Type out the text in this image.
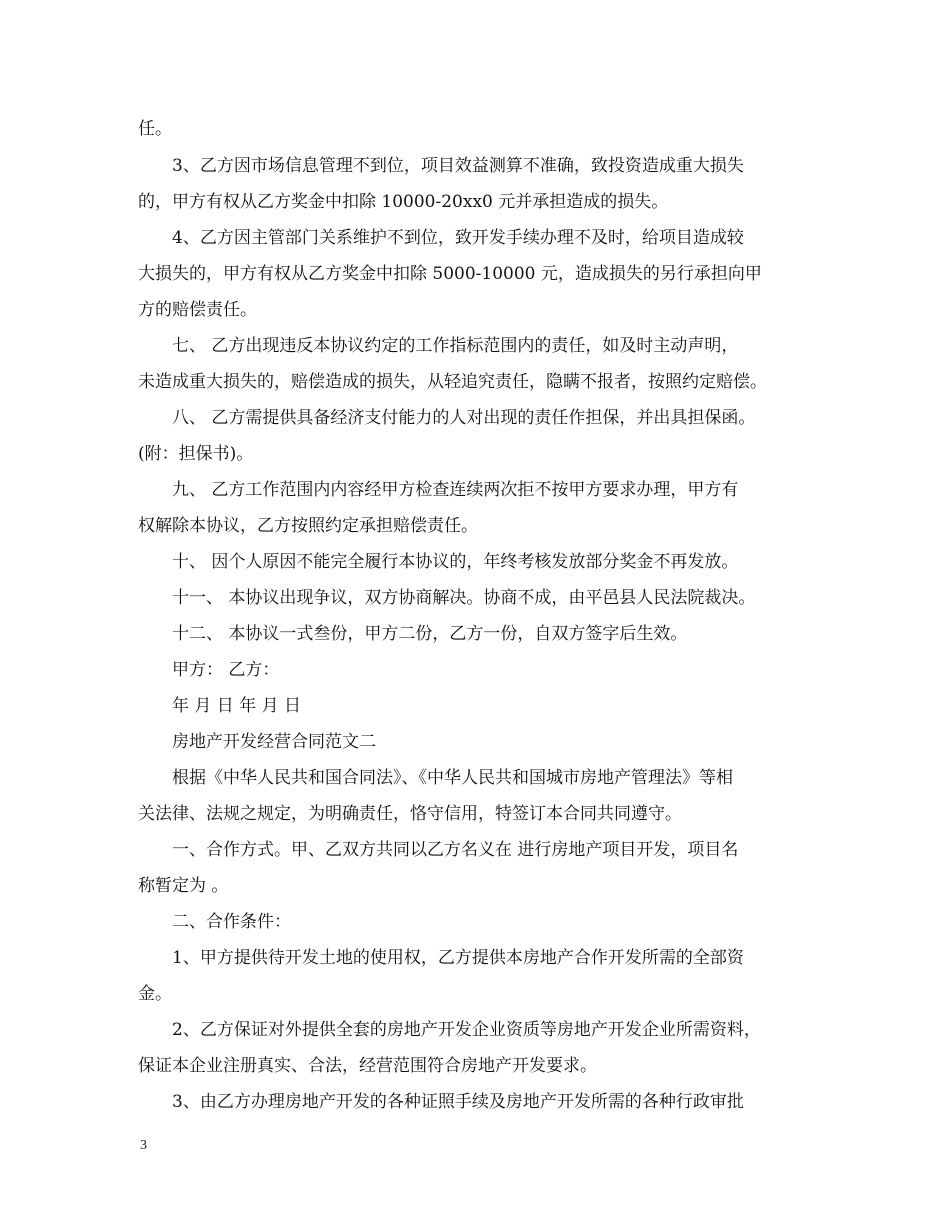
任。
3、乙方因市场信息管理不到位，项目效益测算不准确，致投资造成重大损失
的，甲方有权从乙方奖金中扣除 10000-20xx0 元并承担造成的损失。
4、乙方因主管部门关系维护不到位，致开发手续办理不及时，给项目造成较
大损失的，甲方有权从乙方奖金中扣除 5000-10000 元，造成损失的另行承担向甲
方的赔偿责任。
七、 乙方出现违反本协议约定的工作指标范围内的责任，如及时主动声明，
未造成重大损失的，赔偿造成的损失，从轻追究责任，隐瞒不报者，按照约定赔偿。
八、 乙方需提供具备经济支付能力的人对出现的责任作担保，并出具担保函。
(附：担保书)。
九、 乙方工作范围内内容经甲方检查连续两次拒不按甲方要求办理，甲方有
权解除本协议，乙方按照约定承担赔偿责任。
十、 因个人原因不能完全履行本协议的，年终考核发放部分奖金不再发放。
十一、 本协议出现争议，双方协商解决。协商不成，由平邑县人民法院裁决。
十二、 本协议一式叁份，甲方二份，乙方一份，自双方签字后生效。
甲方： 乙方：
年 月 日 年 月 日
房地产开发经营合同范文二
根据《中华人民共和国合同法》、《中华人民共和国城市房地产管理法》等相
关法律、法规之规定，为明确责任，恪守信用，特签订本合同共同遵守。
一、合作方式。甲、乙双方共同以乙方名义在 进行房地产项目开发，项目名
称暂定为 。
二、合作条件：
1、甲方提供待开发土地的使用权，乙方提供本房地产合作开发所需的全部资
金。
2、乙方保证对外提供全套的房地产开发企业资质等房地产开发企业所需资料，
保证本企业注册真实、合法，经营范围符合房地产开发要求。
3、由乙方办理房地产开发的各种证照手续及房地产开发所需的各种行政审批
3
